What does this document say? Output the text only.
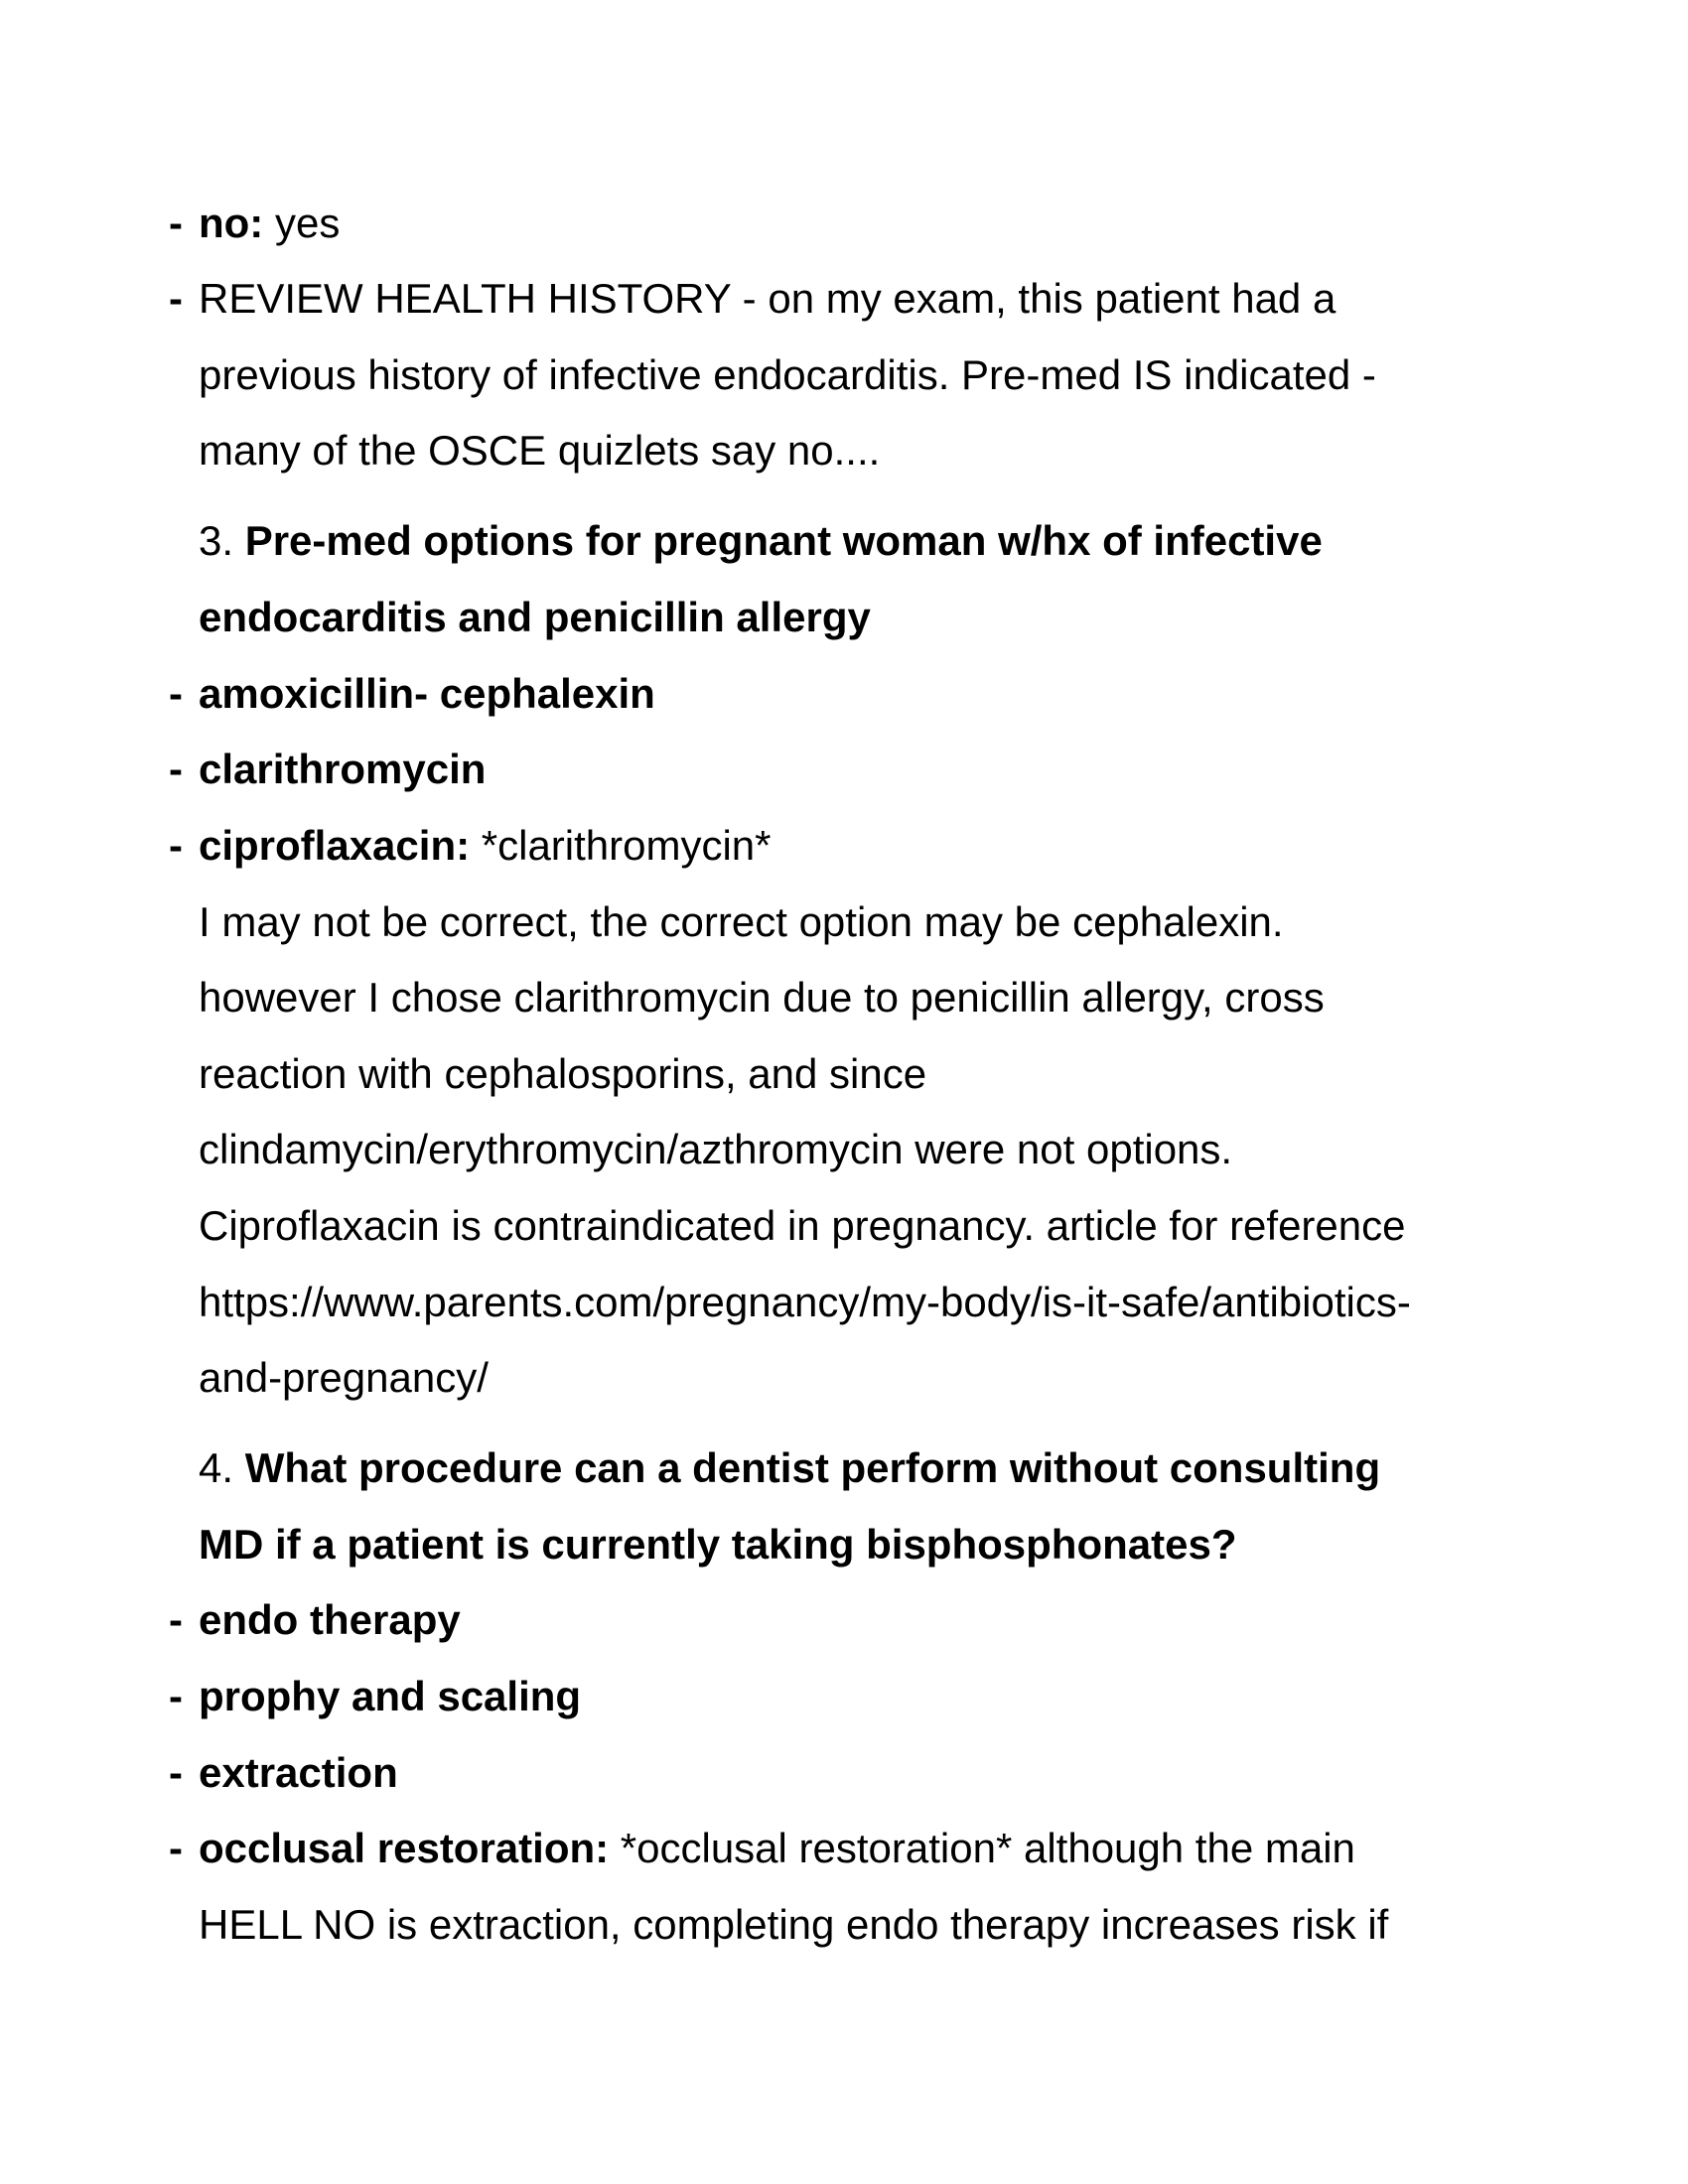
- no: yes
- REVIEW HEALTH HISTORY - on my exam, this patient had a
previous history of infective endocarditis. Pre-med IS indicated -
many of the OSCE quizlets say no....
3. Pre-med options for pregnant woman w/hx of infective
endocarditis and penicillin allergy
- amoxicillin- cephalexin
- clarithromycin
- ciproflaxacin: *clarithromycin*
I may not be correct, the correct option may be cephalexin.
however I chose clarithromycin due to penicillin allergy, cross
reaction with cephalosporins, and since
clindamycin/erythromycin/azthromycin were not options.
Ciproflaxacin is contraindicated in pregnancy. article for reference
https://www.parents.com/pregnancy/my-body/is-it-safe/antibiotics-
and-pregnancy/
4. What procedure can a dentist perform without consulting
MD if a patient is currently taking bisphosphonates?
- endo therapy
- prophy and scaling
- extraction
- occlusal restoration: *occlusal restoration* although the main
HELL NO is extraction, completing endo therapy increases risk if
